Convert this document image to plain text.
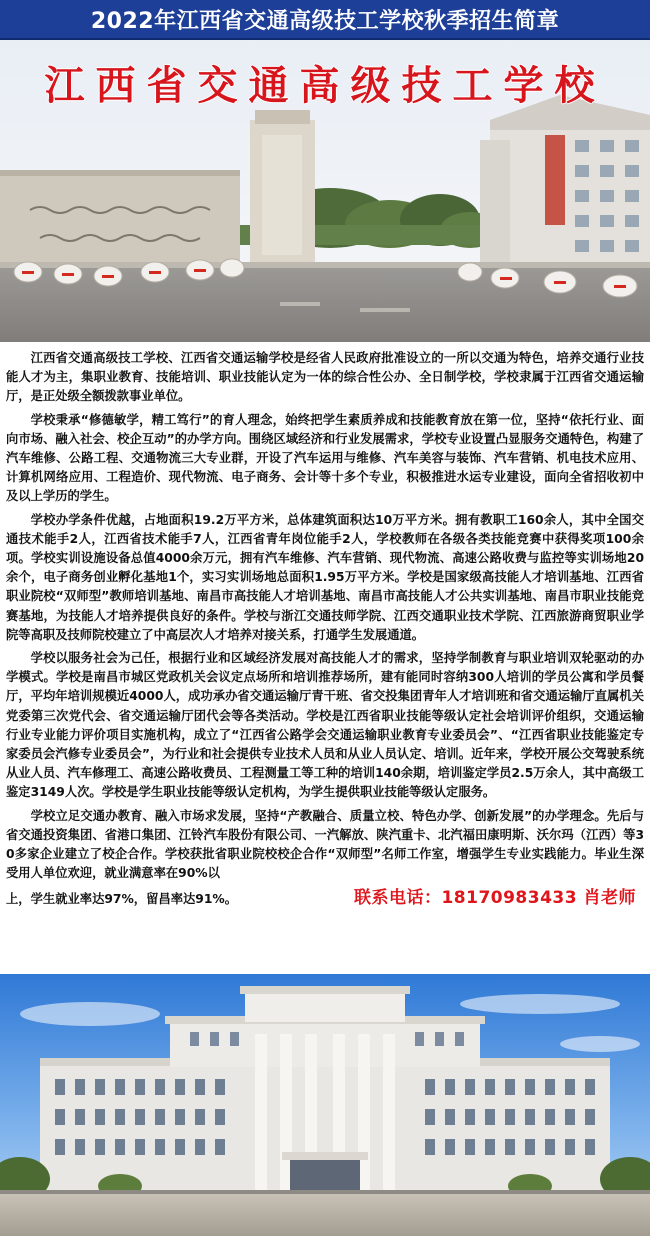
2022年江西省交通高级技工学校秋季招生简章
江西省交通高级技工学校

江西省交通高级技工学校、江西省交通运输学校是经省人民政府批准设立的一所以交通为特色，培养交通行业技能人才为主，集职业教育、技能培训、职业技能认定为一体的综合性公办、全日制学校，学校隶属于江西省交通运输厅，是正处级全额拨款事业单位。

学校秉承“修德敏学，精工笃行”的育人理念，始终把学生素质养成和技能教育放在第一位，坚持“依托行业、面向市场、融入社会、校企互动”的办学方向。围绕区域经济和行业发展需求，学校专业设置凸显服务交通特色，构建了汽车维修、公路工程、交通物流三大专业群，开设了汽车运用与维修、汽车美容与装饰、汽车营销、机电技术应用、计算机网络应用、工程造价、现代物流、电子商务、会计等十多个专业，积极推进水运专业建设，面向全省招收初中及以上学历的学生。

学校办学条件优越，占地面积19.2万平方米，总体建筑面积达10万平方米。拥有教职工160余人，其中全国交通技术能手2人，江西省技术能手7人，江西省青年岗位能手2人，学校教师在各级各类技能竞赛中获得奖项100余项。学校实训设施设备总值4000余万元，拥有汽车维修、汽车营销、现代物流、高速公路收费与监控等实训场地20余个，电子商务创业孵化基地1个，实习实训场地总面积1.95万平方米。学校是国家级高技能人才培训基地、江西省职业院校“双师型”教师培训基地、南昌市高技能人才培训基地、南昌市高技能人才公共实训基地、南昌市职业技能竞赛基地，为技能人才培养提供良好的条件。学校与浙江交通技师学院、江西交通职业技术学院、江西旅游商贸职业学院等高职及技师院校建立了中高层次人才培养对接关系，打通学生发展通道。

学校以服务社会为己任，根据行业和区域经济发展对高技能人才的需求，坚持学制教育与职业培训双轮驱动的办学模式。学校是南昌市城区党政机关会议定点场所和培训推荐场所，建有能同时容纳300人培训的学员公寓和学员餐厅，平均年培训规模近4000人，成功承办省交通运输厅青干班、省交投集团青年人才培训班和省交通运输厅直属机关党委第三次党代会、省交通运输厅团代会等各类活动。学校是江西省职业技能等级认定社会培训评价组织，交通运输行业专业能力评价项目实施机构，成立了“江西省公路学会交通运输职业教育专业委员会”、“江西省职业技能鉴定专家委员会汽修专业委员会”，为行业和社会提供专业技术人员和从业人员认定、培训。近年来，学校开展公交驾驶系统从业人员、汽车修理工、高速公路收费员、工程测量工等工种的培训140余期，培训鉴定学员2.5万余人，其中高级工鉴定3149人次。学校是学生职业技能等级认定机构，为学生提供职业技能等级认定服务。

学校立足交通办教育、融入市场求发展，坚持“产教融合、质量立校、特色办学、创新发展”的办学理念。先后与省交通投资集团、省港口集团、江铃汽车股份有限公司、一汽解放、陕汽重卡、北汽福田康明斯、沃尔玛（江西）等30多家企业建立了校企合作。学校获批省职业院校校企合作“双师型”名师工作室，增强学生专业实践能力。毕业生深受用人单位欢迎，就业满意率在90%以

上，学生就业率达97%，留昌率达91%。	联系电话：18170983433 肖老师
